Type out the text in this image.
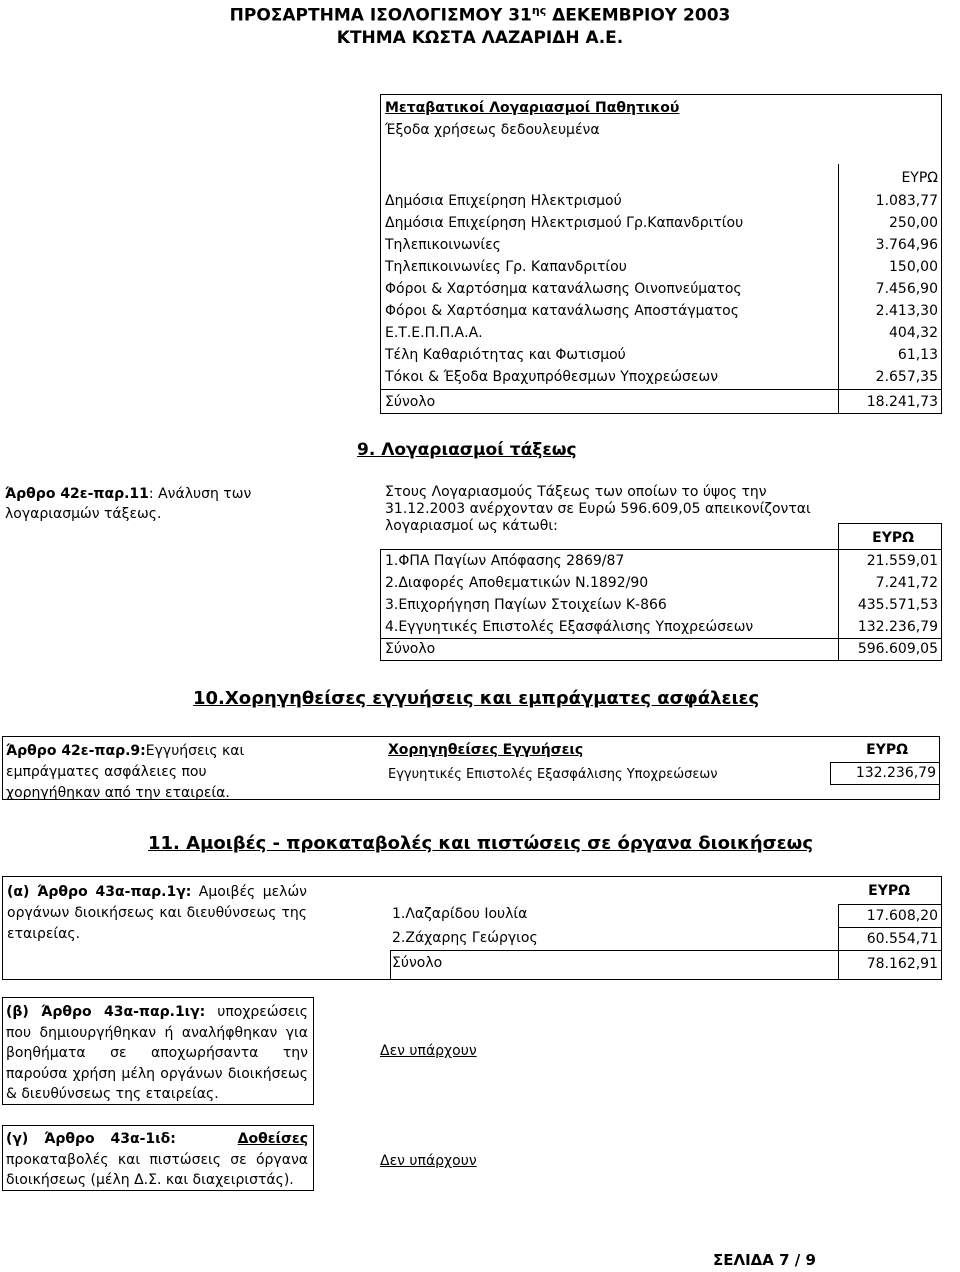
ΠΡΟΣΑΡΤΗΜΑ ΙΣΟΛΟΓΙΣΜΟΥ $31^{\eta\varsigma}$ ΔΕΚΕΜΒΡΙΟΥ 2003
ΚΤΗΜΑ ΚΩΣΤΑ ΛΑΖΑΡΙΔΗ Α.Ε.
Μεταβατικοί Λογαριασμοί Παθητικού
Έξοδα χρήσεως δεδουλευμένα
ΕΥΡΩ
Δημόσια Επιχείρηση Ηλεκτρισμού	1.083,77
Δημόσια Επιχείρηση Ηλεκτρισμού Γρ.Καπανδριτίου	250,00
Τηλεπικοινωνίες	3.764,96
Τηλεπικοινωνίες Γρ. Καπανδριτίου	150,00
Φόροι & Χαρτόσημα κατανάλωσης Οινοπνεύματος	7.456,90
Φόροι & Χαρτόσημα κατανάλωσης Αποστάγματος	2.413,30
Ε.Τ.Ε.Π.Π.Α.Α.	404,32
Τέλη Καθαριότητας και Φωτισμού	61,13
Τόκοι & Έξοδα Βραχυπρόθεσμων Υποχρεώσεων	2.657,35
Σύνολο	18.241,73
9. Λογαριασμοί τάξεως
Άρθρο 42ε-παρ.11: Ανάλυση των λογαριασμών τάξεως.
Στους Λογαριασμούς Τάξεως των οποίων το ύψος την 31.12.2003 ανέρχονταν σε Ευρώ 596.609,05 απεικονίζονται λογαριασμοί ως κάτωθι:
ΕΥΡΩ
1.ΦΠΑ Παγίων Απόφασης 2869/87	21.559,01
2.Διαφορές Αποθεματικών Ν.1892/90	7.241,72
3.Επιχορήγηση Παγίων Στοιχείων Κ-866	435.571,53
4.Εγγυητικές Επιστολές Εξασφάλισης Υποχρεώσεων	132.236,79
Σύνολο	596.609,05
10.Χορηγηθείσες εγγυήσεις και εμπράγματες ασφάλειες
Άρθρο 42ε-παρ.9:Εγγυήσεις και εμπράγματες ασφάλειες που χορηγήθηκαν από την εταιρεία.
Χορηγηθείσες Εγγυήσεις	ΕΥΡΩ
Εγγυητικές Επιστολές Εξασφάλισης Υποχρεώσεων	132.236,79
11. Αμοιβές - προκαταβολές και πιστώσεις σε όργανα διοικήσεως
(α) Άρθρο 43α-παρ.1γ: Αμοιβές μελών οργάνων διοικήσεως και διευθύνσεως της εταιρείας.
ΕΥΡΩ
1.Λαζαρίδου Ιουλία	17.608,20
2.Ζάχαρης Γεώργιος	60.554,71
Σύνολο	78.162,91
(β) Άρθρο 43α-παρ.1ιγ: υποχρεώσεις που δημιουργήθηκαν ή αναλήφθηκαν για βοηθήματα σε αποχωρήσαντα την παρούσα χρήση μέλη οργάνων διοικήσεως & διευθύνσεως της εταιρείας.
Δεν υπάρχουν
(γ) Άρθρο 43α-1ιδ:	Δοθείσες προκαταβολές και πιστώσεις σε όργανα διοικήσεως (μέλη Δ.Σ. και διαχειριστάς).
Δεν υπάρχουν
ΣΕΛΙΔΑ 7 / 9
